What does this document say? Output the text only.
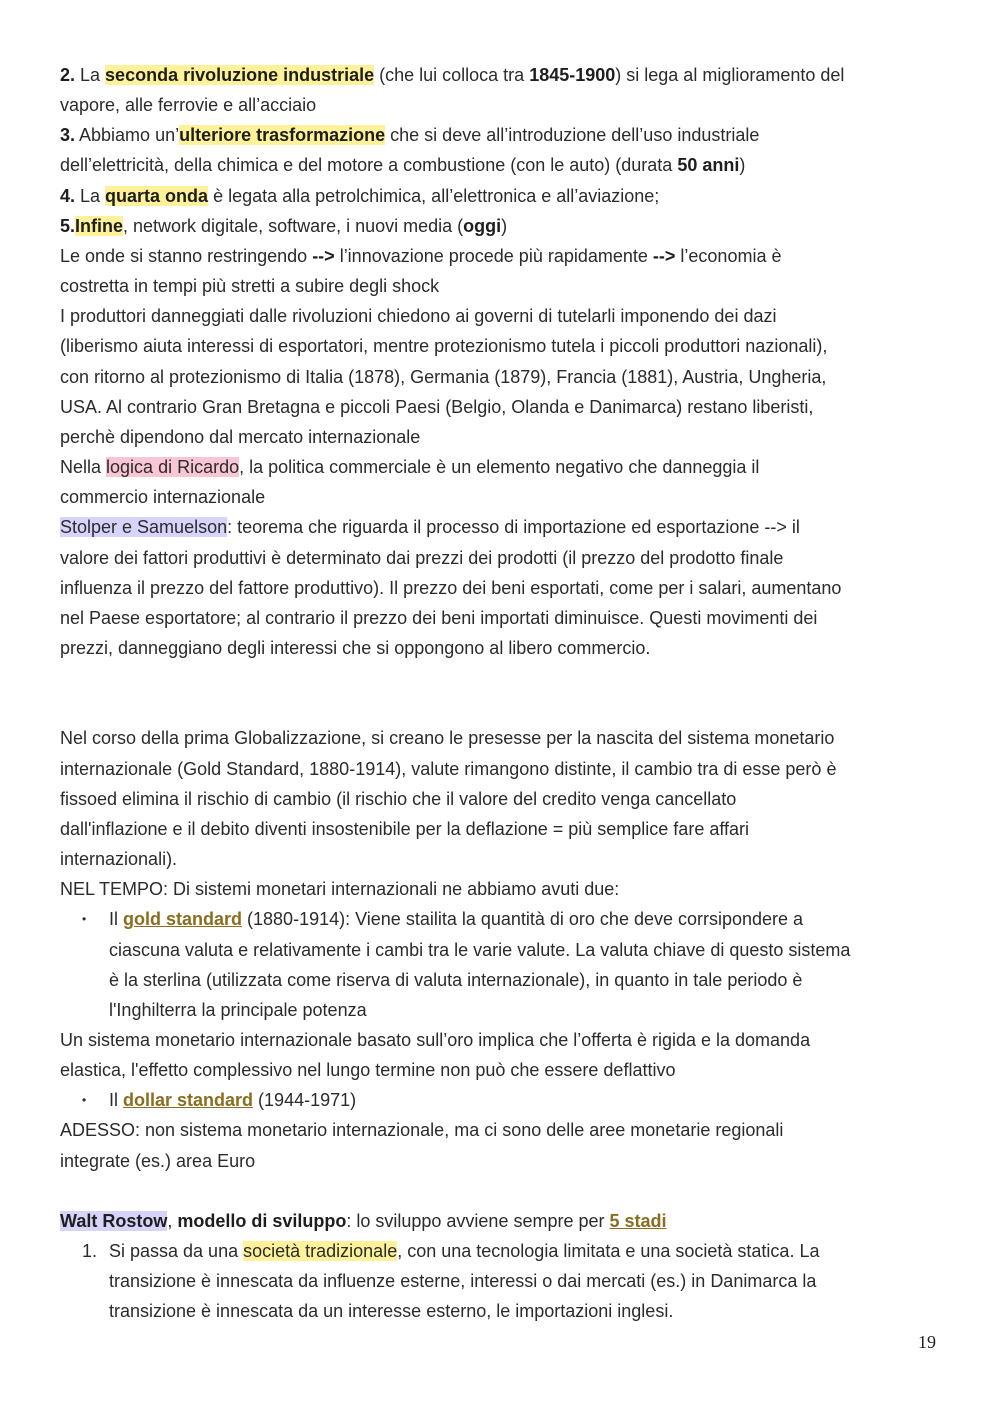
2. La seconda rivoluzione industriale (che lui colloca tra 1845-1900) si lega al miglioramento del
vapore, alle ferrovie e all’acciaio
3. Abbiamo un’ulteriore trasformazione che si deve all’introduzione dell’uso industriale
dell’elettricità, della chimica e del motore a combustione (con le auto) (durata 50 anni)
4. La quarta onda è legata alla petrolchimica, all’elettronica e all’aviazione;
5.Infine, network digitale, software, i nuovi media (oggi)
Le onde si stanno restringendo --> l’innovazione procede più rapidamente --> l’economia è
costretta in tempi più stretti a subire degli shock
I produttori danneggiati dalle rivoluzioni chiedono ai governi di tutelarli imponendo dei dazi
(liberismo aiuta interessi di esportatori, mentre protezionismo tutela i piccoli produttori nazionali),
con ritorno al protezionismo di Italia (1878), Germania (1879), Francia (1881), Austria, Ungheria,
USA. Al contrario Gran Bretagna e piccoli Paesi (Belgio, Olanda e Danimarca) restano liberisti,
perchè dipendono dal mercato internazionale
Nella logica di Ricardo, la politica commerciale è un elemento negativo che danneggia il
commercio internazionale
Stolper e Samuelson: teorema che riguarda il processo di importazione ed esportazione --> il
valore dei fattori produttivi è determinato dai prezzi dei prodotti (il prezzo del prodotto finale
influenza il prezzo del fattore produttivo). Il prezzo dei beni esportati, come per i salari, aumentano
nel Paese esportatore; al contrario il prezzo dei beni importati diminuisce. Questi movimenti dei
prezzi, danneggiano degli interessi che si oppongono al libero commercio.
Nel corso della prima Globalizzazione, si creano le presesse per la nascita del sistema monetario
internazionale (Gold Standard, 1880-1914), valute rimangono distinte, il cambio tra di esse però è
fissoed elimina il rischio di cambio (il rischio che il valore del credito venga cancellato
dall'inflazione e il debito diventi insostenibile per la deflazione = più semplice fare affari
internazionali).
NEL TEMPO: Di sistemi monetari internazionali ne abbiamo avuti due:
• Il gold standard (1880-1914): Viene stailita la quantità di oro che deve corrsipondere a
ciascuna valuta e relativamente i cambi tra le varie valute. La valuta chiave di questo sistema
è la sterlina (utilizzata come riserva di valuta internazionale), in quanto in tale periodo è
l'Inghilterra la principale potenza
Un sistema monetario internazionale basato sull’oro implica che l’offerta è rigida e la domanda
elastica, l'effetto complessivo nel lungo termine non può che essere deflattivo
• Il dollar standard (1944-1971)
ADESSO: non sistema monetario internazionale, ma ci sono delle aree monetarie regionali
integrate (es.) area Euro
Walt Rostow, modello di sviluppo: lo sviluppo avviene sempre per 5 stadi
1. Si passa da una società tradizionale, con una tecnologia limitata e una società statica. La
transizione è innescata da influenze esterne, interessi o dai mercati (es.) in Danimarca la
transizione è innescata da un interesse esterno, le importazioni inglesi.
19
